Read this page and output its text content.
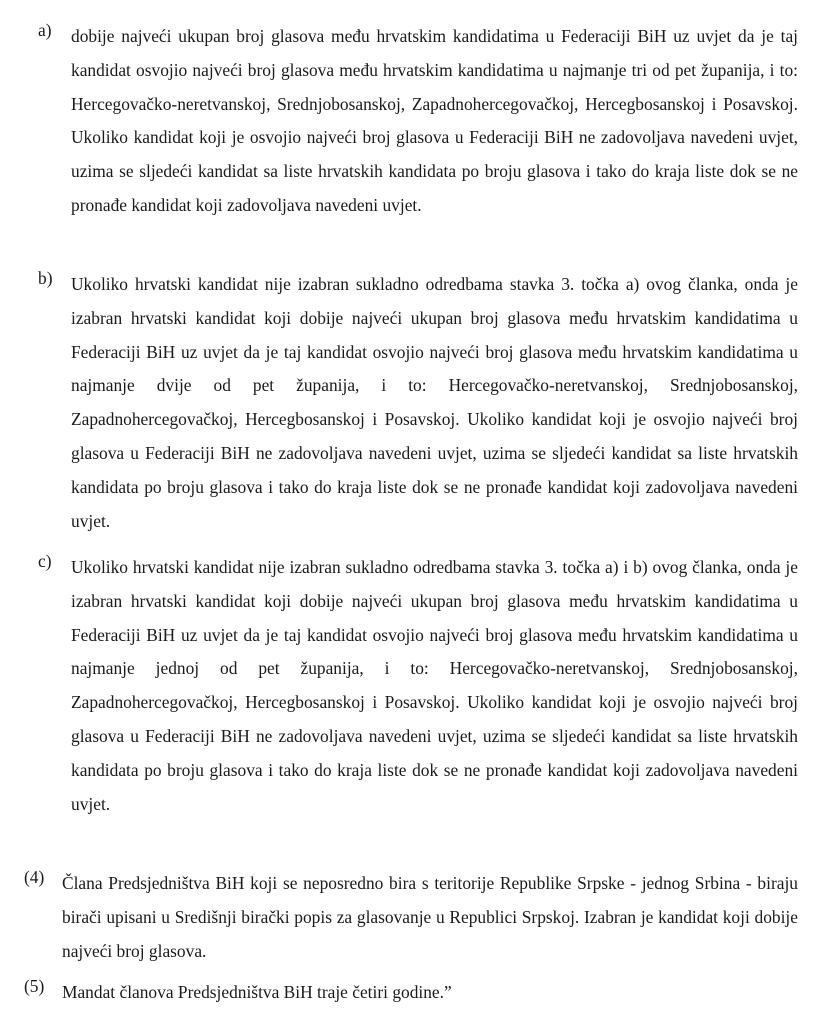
a) dobije najveći ukupan broj glasova među hrvatskim kandidatima u Federaciji BiH uz uvjet da je taj kandidat osvojio najveći broj glasova među hrvatskim kandidatima u najmanje tri od pet županija, i to: Hercegovačko-neretvanskoj, Srednjobosanskoj, Zapadnohercegovačkoj, Hercegbosanskoj i Posavskoj. Ukoliko kandidat koji je osvojio najveći broj glasova u Federaciji BiH ne zadovoljava navedeni uvjet, uzima se sljedeći kandidat sa liste hrvatskih kandidata po broju glasova i tako do kraja liste dok se ne pronađe kandidat koji zadovoljava navedeni uvjet.

b) Ukoliko hrvatski kandidat nije izabran sukladno odredbama stavka 3. točka a) ovog članka, onda je izabran hrvatski kandidat koji dobije najveći ukupan broj glasova među hrvatskim kandidatima u Federaciji BiH uz uvjet da je taj kandidat osvojio najveći broj glasova među hrvatskim kandidatima u najmanje dvije od pet županija, i to: Hercegovačko-neretvanskoj, Srednjobosanskoj, Zapadnohercegovačkoj, Hercegbosanskoj i Posavskoj. Ukoliko kandidat koji je osvojio najveći broj glasova u Federaciji BiH ne zadovoljava navedeni uvjet, uzima se sljedeći kandidat sa liste hrvatskih kandidata po broju glasova i tako do kraja liste dok se ne pronađe kandidat koji zadovoljava navedeni uvjet.

c) Ukoliko hrvatski kandidat nije izabran sukladno odredbama stavka 3. točka a) i b) ovog članka, onda je izabran hrvatski kandidat koji dobije najveći ukupan broj glasova među hrvatskim kandidatima u Federaciji BiH uz uvjet da je taj kandidat osvojio najveći broj glasova među hrvatskim kandidatima u najmanje jednoj od pet županija, i to: Hercegovačko-neretvanskoj, Srednjobosanskoj, Zapadnohercegovačkoj, Hercegbosanskoj i Posavskoj. Ukoliko kandidat koji je osvojio najveći broj glasova u Federaciji BiH ne zadovoljava navedeni uvjet, uzima se sljedeći kandidat sa liste hrvatskih kandidata po broju glasova i tako do kraja liste dok se ne pronađe kandidat koji zadovoljava navedeni uvjet.

(4) Člana Predsjedništva BiH koji se neposredno bira s teritorije Republike Srpske - jednog Srbina - biraju birači upisani u Središnji birački popis za glasovanje u Republici Srpskoj. Izabran je kandidat koji dobije najveći broj glasova.

(5) Mandat članova Predsjedništva BiH traje četiri godine.”
